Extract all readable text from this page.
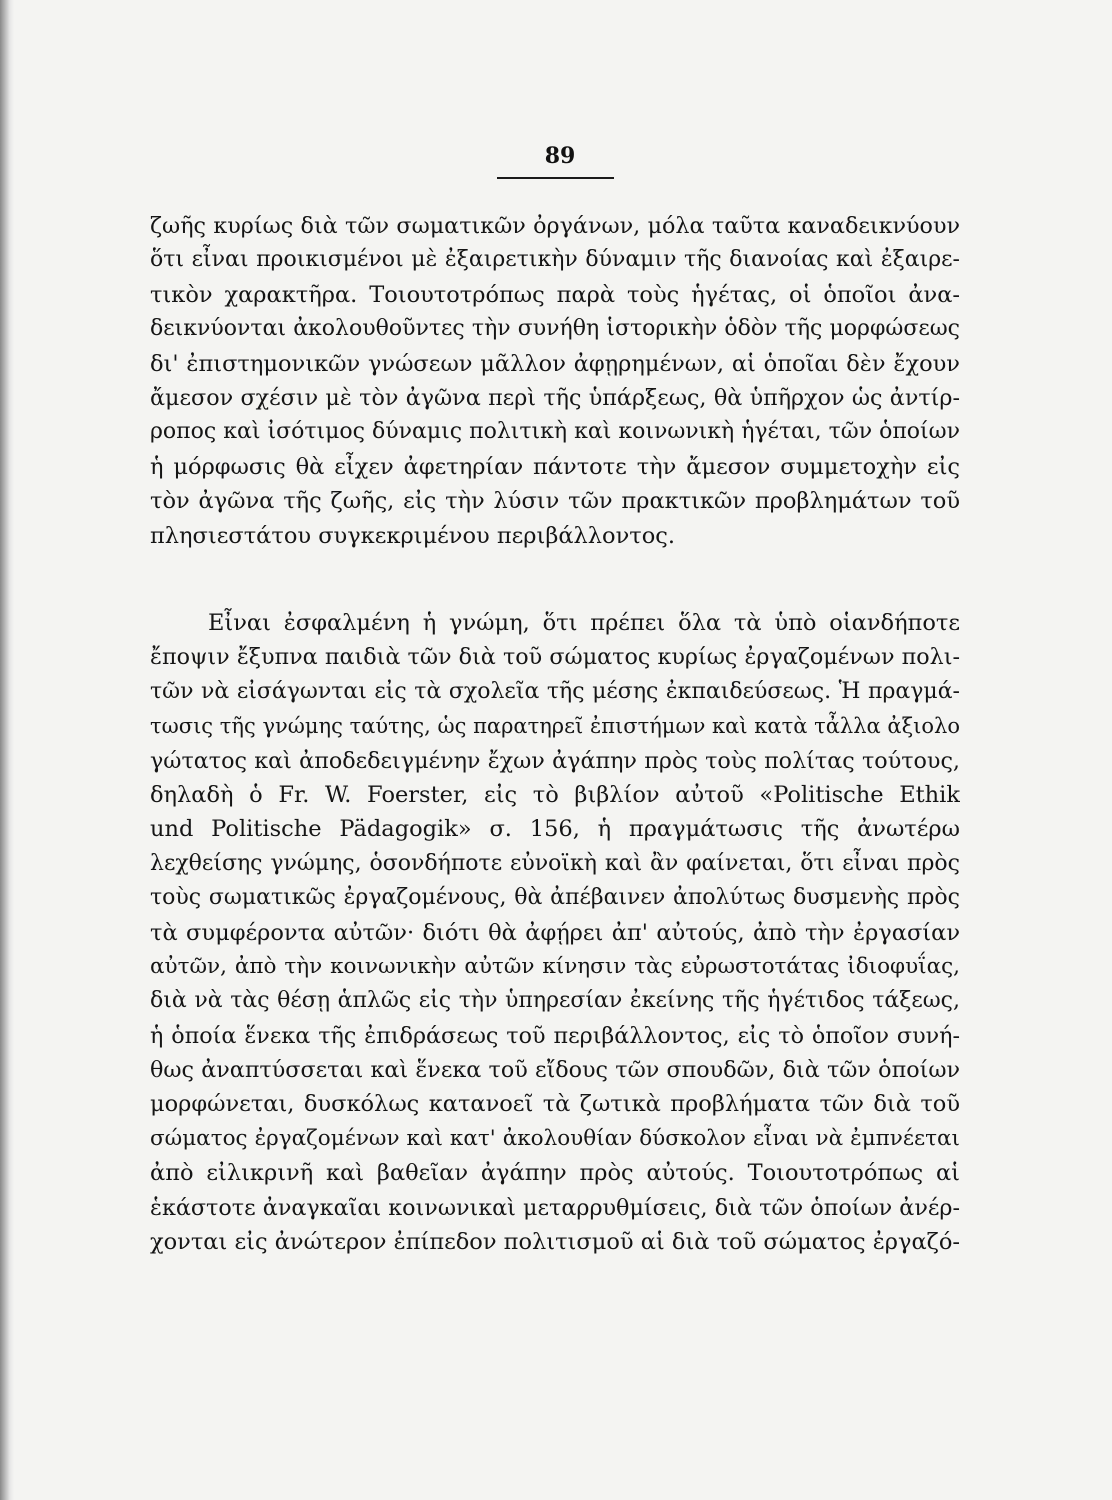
89
ζωῆς κυρίως διὰ τῶν σωματικῶν ὀργάνων, μόλα ταῦτα καναδεικνύουν
ὅτι εἶναι προικισμένοι μὲ ἐξαιρετικὴν δύναμιν τῆς διανοίας καὶ ἐξαιρε-
τικὸν χαρακτῆρα. Τοιουτοτρόπως παρὰ τοὺς ἡγέτας, οἱ ὁποῖοι ἀνα-
δεικνύονται ἀκολουθοῦντες τὴν συνήθη ἱστορικὴν ὁδὸν τῆς μορφώσεως
δι' ἐπιστημονικῶν γνώσεων μᾶλλον ἀφῃρημένων, αἱ ὁποῖαι δὲν ἔχουν
ἄμεσον σχέσιν μὲ τὸν ἀγῶνα περὶ τῆς ὑπάρξεως, θὰ ὑπῆρχον ὡς ἀντίρ-
ροπος καὶ ἰσότιμος δύναμις πολιτικὴ καὶ κοινωνικὴ ἡγέται, τῶν ὁποίων
ἡ μόρφωσις θὰ εἶχεν ἀφετηρίαν πάντοτε τὴν ἄμεσον συμμετοχὴν εἰς
τὸν ἀγῶνα τῆς ζωῆς, εἰς τὴν λύσιν τῶν πρακτικῶν προβλημάτων τοῦ
πλησιεστάτου συγκεκριμένου περιβάλλοντος.
Εἶναι ἐσφαλμένη ἡ γνώμη, ὅτι πρέπει ὅλα τὰ ὑπὸ οἱανδήποτε
ἔποψιν ἔξυπνα παιδιὰ τῶν διὰ τοῦ σώματος κυρίως ἐργαζομένων πολι-
τῶν νὰ εἰσάγωνται εἰς τὰ σχολεῖα τῆς μέσης ἐκπαιδεύσεως. Ἡ πραγμά-
τωσις τῆς γνώμης ταύτης, ὡς παρατηρεῖ ἐπιστήμων καὶ κατὰ τἆλλα ἀξιολο
γώτατος καὶ ἀποδεδειγμένην ἔχων ἀγάπην πρὸς τοὺς πολίτας τούτους,
δηλαδὴ ὁ Fr. W. Foerster, εἰς τὸ βιβλίον αὐτοῦ «Politische Ethik
und Politische Pädagogik» σ. 156, ἡ πραγμάτωσις τῆς ἀνωτέρω
λεχθείσης γνώμης, ὁσονδήποτε εὐνοϊκὴ καὶ ἂν φαίνεται, ὅτι εἶναι πρὸς
τοὺς σωματικῶς ἐργαζομένους, θὰ ἀπέβαινεν ἀπολύτως δυσμενὴς πρὸς
τὰ συμφέροντα αὐτῶν· διότι θὰ ἀφῄρει ἀπ' αὐτούς, ἀπὸ τὴν ἐργασίαν
αὐτῶν, ἀπὸ τὴν κοινωνικὴν αὐτῶν κίνησιν τὰς εὐρωστοτάτας ἰδιοφυΐας,
διὰ νὰ τὰς θέσῃ ἁπλῶς εἰς τὴν ὑπηρεσίαν ἐκείνης τῆς ἡγέτιδος τάξεως,
ἡ ὁποία ἕνεκα τῆς ἐπιδράσεως τοῦ περιβάλλοντος, εἰς τὸ ὁποῖον συνή-
θως ἀναπτύσσεται καὶ ἕνεκα τοῦ εἴδους τῶν σπουδῶν, διὰ τῶν ὁποίων
μορφώνεται, δυσκόλως κατανοεῖ τὰ ζωτικὰ προβλήματα τῶν διὰ τοῦ
σώματος ἐργαζομένων καὶ κατ' ἀκολουθίαν δύσκολον εἶναι νὰ ἐμπνέεται
ἀπὸ εἰλικρινῆ καὶ βαθεῖαν ἀγάπην πρὸς αὐτούς. Τοιουτοτρόπως αἱ
ἑκάστοτε ἀναγκαῖαι κοινωνικαὶ μεταρρυθμίσεις, διὰ τῶν ὁποίων ἀνέρ-
χονται εἰς ἀνώτερον ἐπίπεδον πολιτισμοῦ αἱ διὰ τοῦ σώματος ἐργαζό-
